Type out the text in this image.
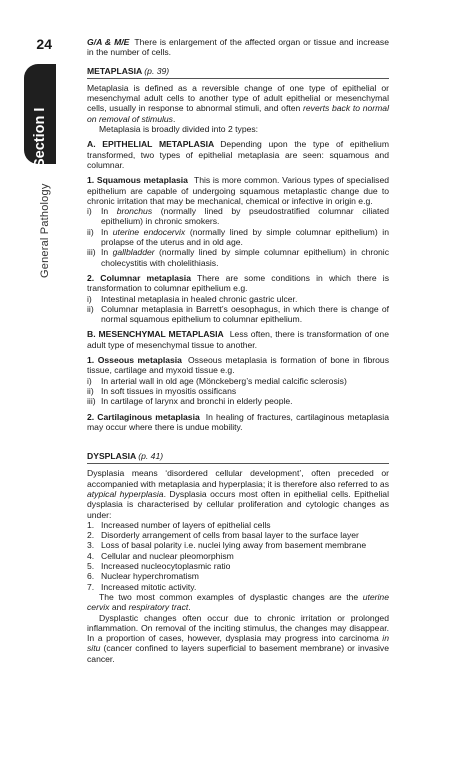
24
General Pathology

G/A & M/E There is enlargement of the affected organ or tissue and increase in the number of cells.

METAPLASIA (p. 39)

Metaplasia is defined as a reversible change of one type of epithelial or mesenchymal adult cells to another type of adult epithelial or mesenchymal cells, usually in response to abnormal stimuli, and often reverts back to normal on removal of stimulus.

Metaplasia is broadly divided into 2 types:

A. EPITHELIAL METAPLASIA Depending upon the type of epithelium transformed, two types of epithelial metaplasia are seen: squamous and columnar.

1. Squamous metaplasia This is more common. Various types of specialised epithelium are capable of undergoing squamous metaplastic change due to chronic irritation that may be mechanical, chemical or infective in origin e.g.

i)	In bronchus (normally lined by pseudostratified columnar ciliated epithelium) in chronic smokers.
ii) In uterine endocervix (normally lined by simple columnar epithelium) in prolapse of the uterus and in old age.
iii) In gallbladder (normally lined by simple columnar epithelium) in chronic cholecystitis with cholelithiasis.

2. Columnar metaplasia There are some conditions in which there is transformation to columnar epithelium e.g.

i)	Intestinal metaplasia in healed chronic gastric ulcer.
ii) Columnar metaplasia in Barrett’s oesophagus, in which there is change of normal squamous epithelium to columnar epithelium.

B. MESENCHYMAL METAPLASIA Less often, there is transformation of one adult type of mesenchymal tissue to another.

1. Osseous metaplasia Osseous metaplasia is formation of bone in fibrous tissue, cartilage and myxoid tissue e.g.

i)	In arterial wall in old age (Mönckeberg’s medial calcific sclerosis)
ii) In soft tissues in myositis ossificans
iii) In cartilage of larynx and bronchi in elderly people.

2. Cartilaginous metaplasia In healing of fractures, cartilaginous metaplasia may occur where there is undue mobility.

DYSPLASIA (p. 41)

Dysplasia means ‘disordered cellular development’, often preceded or accompanied with metaplasia and hyperplasia; it is therefore also referred to as atypical hyperplasia. Dysplasia occurs most often in epithelial cells. Epithelial dysplasia is characterised by cellular proliferation and cytologic changes as under:

1. Increased number of layers of epithelial cells
2. Disorderly arrangement of cells from basal layer to the surface layer
3. Loss of basal polarity i.e. nuclei lying away from basement membrane
4. Cellular and nuclear pleomorphism
5. Increased nucleocytoplasmic ratio
6. Nuclear hyperchromatism
7. Increased mitotic activity.

The two most common examples of dysplastic changes are the uterine cervix and respiratory tract.

Dysplastic changes often occur due to chronic irritation or prolonged inflammation. On removal of the inciting stimulus, the changes may disappear. In a proportion of cases, however, dysplasia may progress into carcinoma in situ (cancer confined to layers superficial to basement membrane) or invasive cancer.
